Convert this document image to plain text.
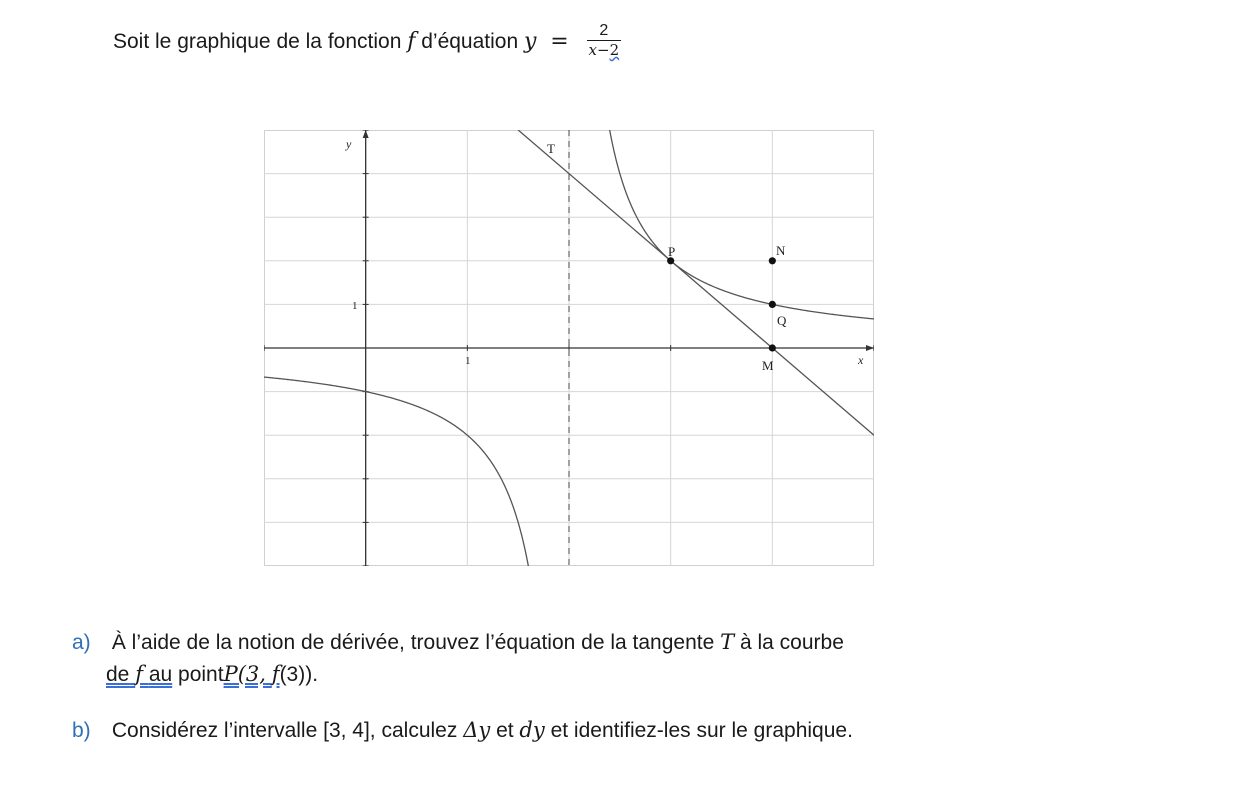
Soit le graphique de la fonction f d’équation $y = \frac{2}{x-2}$
y
x
1
1
T
P	N
Q
M
a) À l’aide de la notion de dérivée, trouvez l’équation de la tangente T à la courbe
de f au pointP(3, f(3)).
b) Considérez l’intervalle [3, 4], calculez Δy et dy et identifiez-les sur le graphique.
